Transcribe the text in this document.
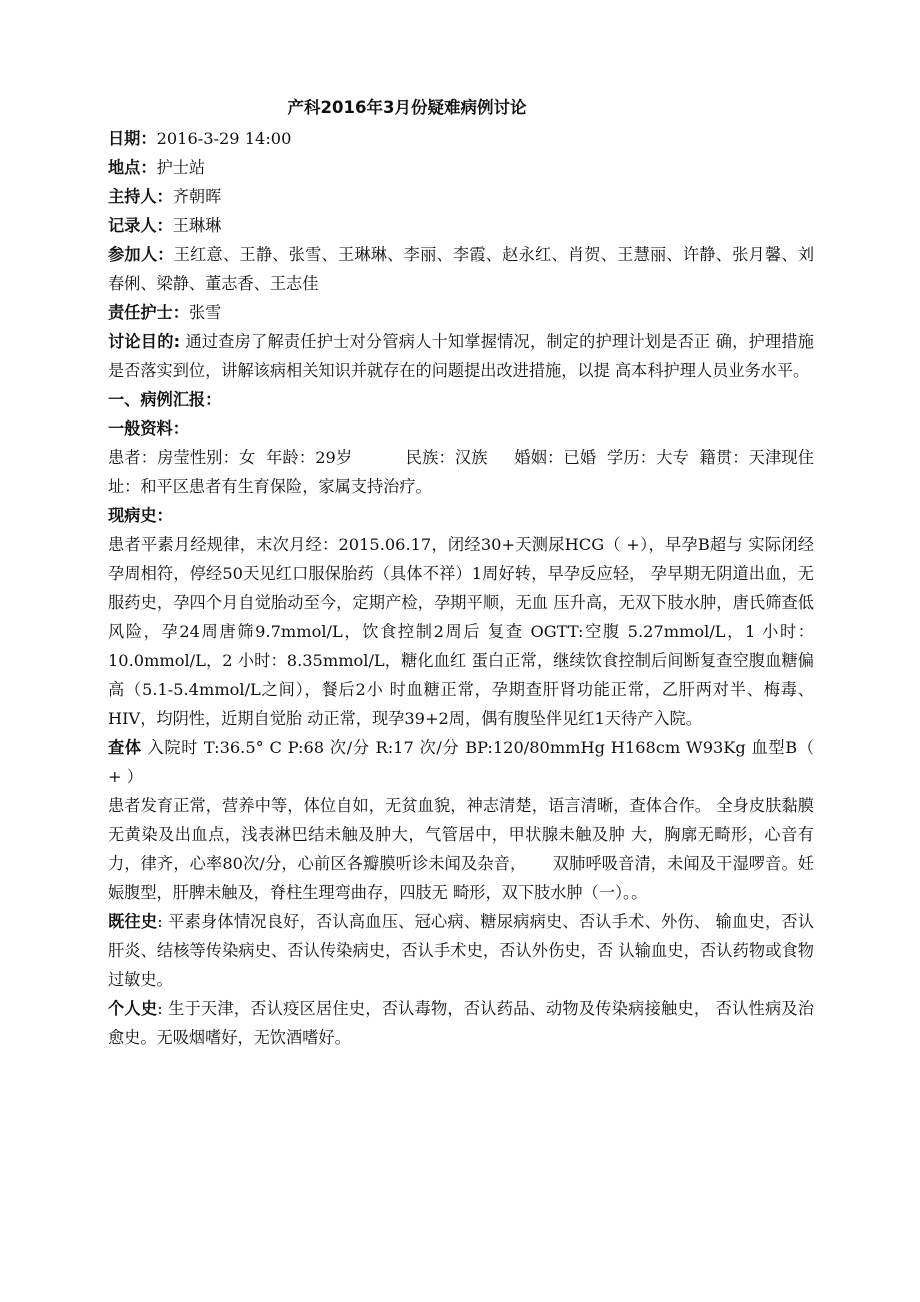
产科2016年3月份疑难病例讨论
日期：2016-3-29 14:00
地点：护士站
主持人：齐朝晖
记录人：王琳琳
参加人：王红意、王静、张雪、王琳琳、李丽、李霞、赵永红、肖贺、王慧丽、许静、张月馨、刘春俐、梁静、董志香、王志佳
责任护士：张雪
讨论目的: 通过查房了解责任护士对分管病人十知掌握情况，制定的护理计划是否正 确，护理措施是否落实到位，讲解该病相关知识并就存在的问题提出改进措施，以提 高本科护理人员业务水平。
一、病例汇报：
一般资料：
患者：房莹性别：女  年龄：29岁          民族：汉族     婚姻：已婚  学历：大专  籍贯：天津现住址：和平区患者有生育保险，家属支持治疗。
现病史：
患者平素月经规律，末次月经：2015.06.17，闭经30+天测尿HCG（ +），早孕B超与 实际闭经孕周相符，停经50天见红口服保胎药（具体不祥）1周好转，早孕反应轻， 孕早期无阴道出血，无服药史，孕四个月自觉胎动至今，定期产检，孕期平顺，无血 压升高，无双下肢水肿，唐氏筛查低风险，孕24周唐筛9.7mmol/L，饮食控制2周后 复查 OGTT:空腹 5.27mmol/L，1 小时：10.0mmol/L，2 小时：8.35mmol/L，糖化血红 蛋白正常，继续饮食控制后间断复查空腹血糖偏高（5.1-5.4mmol/L之间），餐后2小 时血糖正常，孕期查肝肾功能正常，乙肝两对半、梅毒、HIV，均阴性，近期自觉胎 动正常，现孕39+2周，偶有腹坠伴见红1天待产入院。
查体 入院时 T:36.5° C P:68 次/分 R:17 次/分 BP:120/80mmHg H168cm W93Kg 血型B（ + ）
患者发育正常，营养中等，体位自如，无贫血貌，神志清楚，语言清晰，查体合作。 全身皮肤黏膜无黄染及出血点，浅表淋巴结未触及肿大，气管居中，甲状腺未触及肿 大，胸廓无畸形，心音有力，律齐，心率80次/分，心前区各瓣膜听诊未闻及杂音，     双肺呼吸音清，未闻及干湿啰音。妊娠腹型，肝脾未触及，脊柱生理弯曲存，四肢无 畸形，双下肢水肿（一）。。
既往史: 平素身体情况良好，否认高血压、冠心病、糖尿病病史、否认手术、外伤、 输血史，否认肝炎、结核等传染病史、否认传染病史，否认手术史，否认外伤史，否 认输血史，否认药物或食物过敏史。
个人史: 生于天津，否认疫区居住史，否认毒物，否认药品、动物及传染病接触史， 否认性病及治愈史。无吸烟嗜好，无饮酒嗜好。
